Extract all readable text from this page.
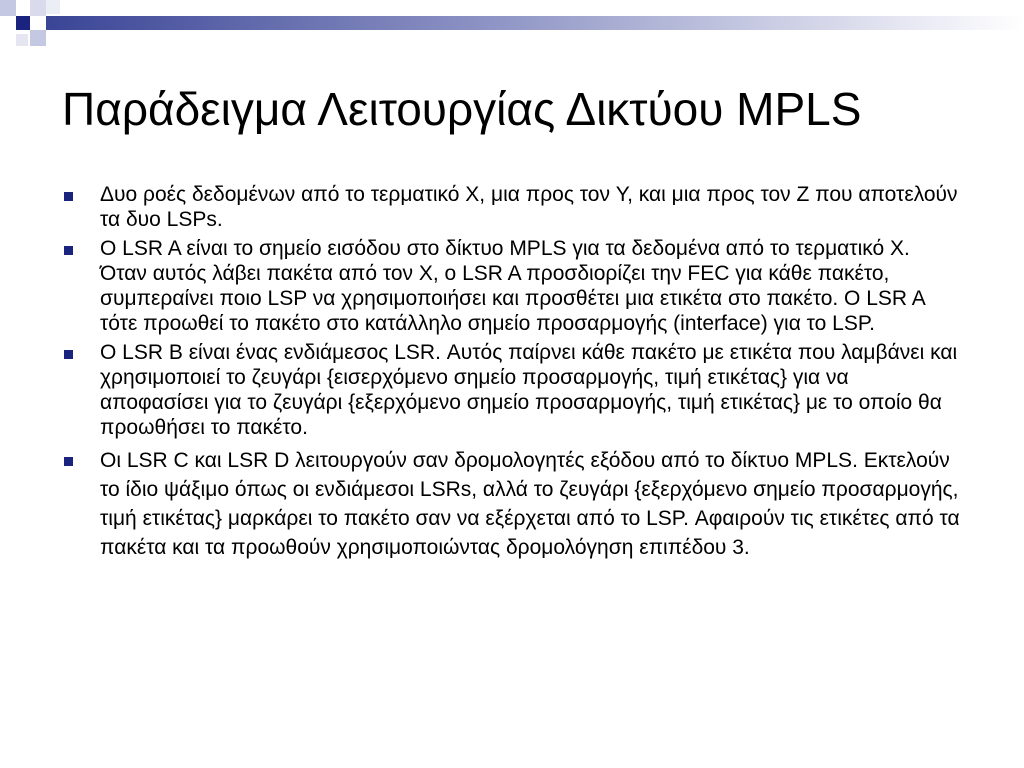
Παράδειγμα Λειτουργίας Δικτύου MPLS
Δυο ροές δεδομένων από το τερματικό X, μια προς τον Y, και μια προς τον Z που αποτελούν τα δυο LSPs.
Ο LSR A είναι το σημείο εισόδου στο δίκτυο MPLS για τα δεδομένα από το τερματικό X. Όταν αυτός λάβει πακέτα από τον X, ο LSR A προσδιορίζει την FEC για κάθε πακέτο, συμπεραίνει ποιο LSP να χρησιμοποιήσει και προσθέτει μια ετικέτα στο πακέτο. Ο LSR A τότε προωθεί το πακέτο στο κατάλληλο σημείο προσαρμογής (interface) για το LSP.
Ο LSR B είναι ένας ενδιάμεσος LSR. Αυτός παίρνει κάθε πακέτο με ετικέτα που λαμβάνει και χρησιμοποιεί το ζευγάρι {εισερχόμενο σημείο προσαρμογής, τιμή ετικέτας} για να αποφασίσει για το ζευγάρι {εξερχόμενο σημείο προσαρμογής, τιμή ετικέτας} με το οποίο θα προωθήσει το πακέτο.
Οι LSR C και LSR D λειτουργούν σαν δρομολογητές εξόδου από το δίκτυο MPLS. Εκτελούν το ίδιο ψάξιμο όπως οι ενδιάμεσοι LSRs, αλλά το ζευγάρι {εξερχόμενο σημείο προσαρμογής, τιμή ετικέτας} μαρκάρει το πακέτο σαν να εξέρχεται από το LSP. Αφαιρούν τις ετικέτες από τα πακέτα και τα προωθούν χρησιμοποιώντας δρομολόγηση επιπέδου 3.
